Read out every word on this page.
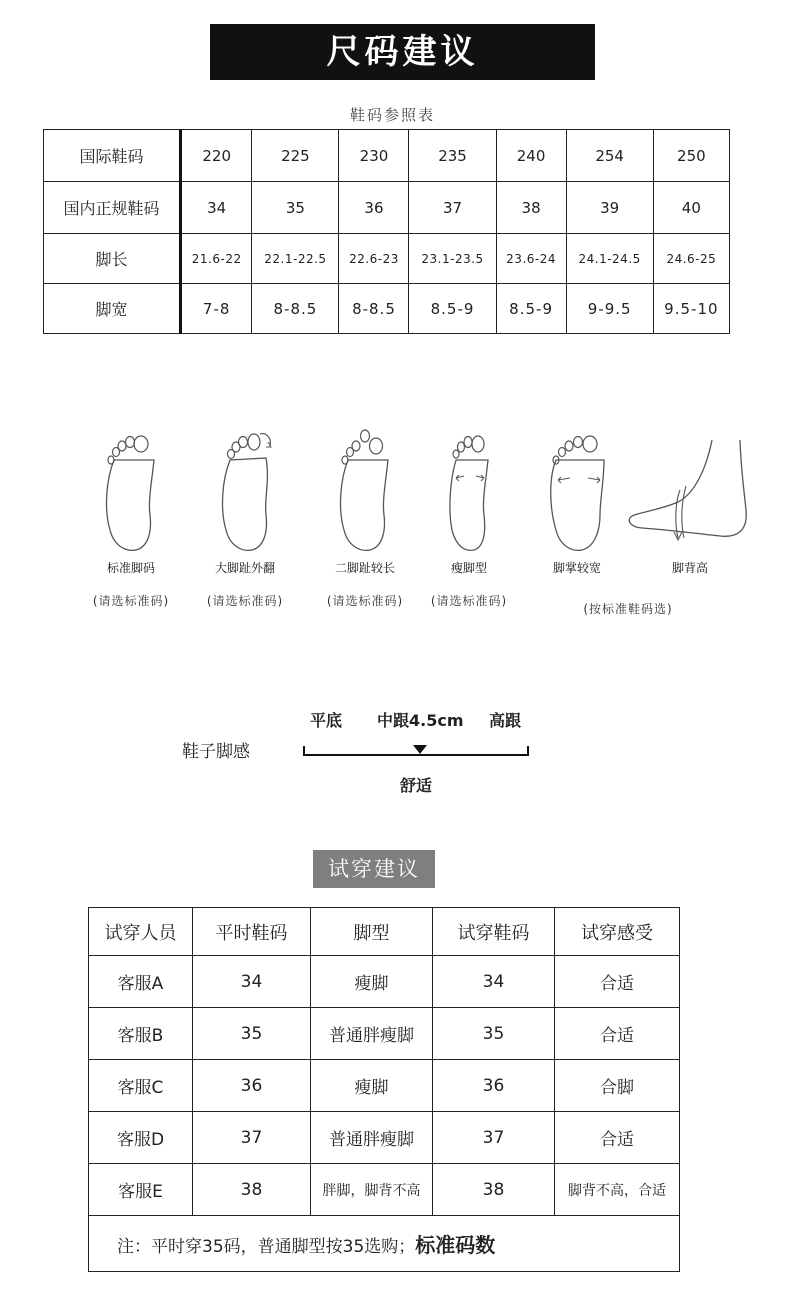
尺码建议
鞋码参照表
国际鞋码	220	225	230	235	240	254	250
国内正规鞋码	34	35	36	37	38	39	40
脚长	21.6-22	22.1-22.5	22.6-23	23.1-23.5	23.6-24	24.1-24.5	24.6-25
脚宽	7-8	8-8.5	8-8.5	8.5-9	8.5-9	9-9.5	9.5-10
标准脚码
(请选标准码)
大脚趾外翻
(请选标准码)
二脚趾较长
(请选标准码)
瘦脚型
(请选标准码)
脚掌较宽	脚背高
(按标准鞋码选)
鞋子脚感
平底 中跟4.5cm 高跟
舒适
试穿建议
试穿人员	平时鞋码	脚型	试穿鞋码	试穿感受
客服A	34	瘦脚	34	合适
客服B	35	普通胖瘦脚	35	合适
客服C	36	瘦脚	36	合脚
客服D	37	普通胖瘦脚	37	合适
客服E	38	胖脚，脚背不高	38	脚背不高，合适
注：平时穿35码，普通脚型按35选购；标准码数				
